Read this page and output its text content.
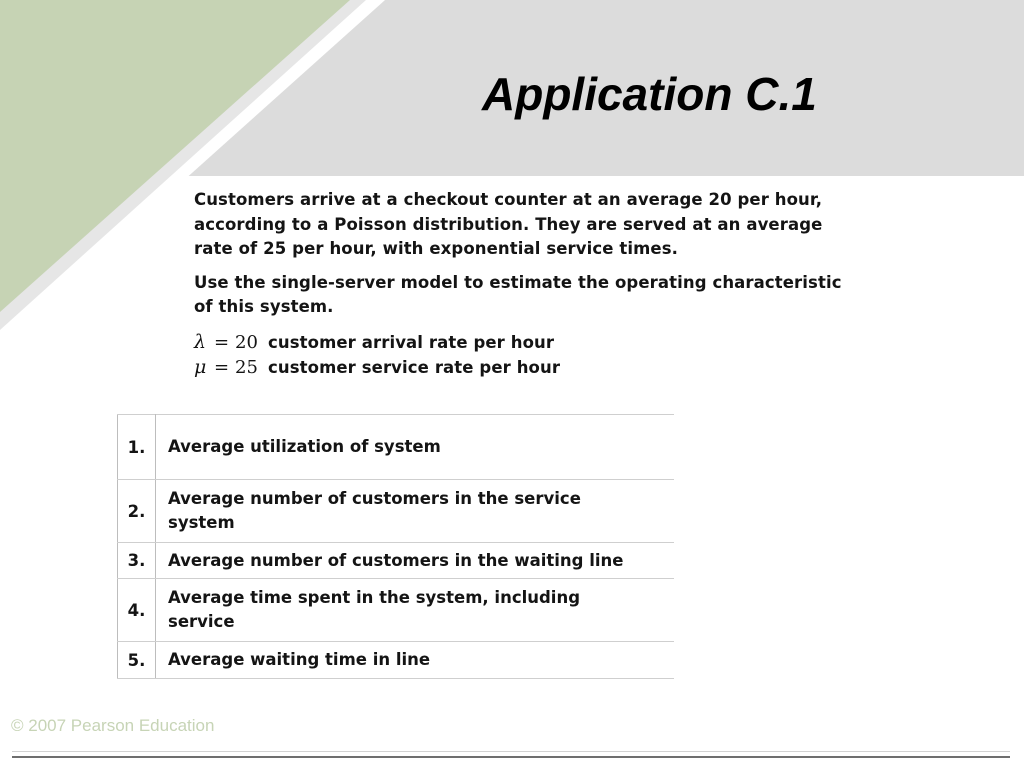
Application C.1

Customers arrive at a checkout counter at an average 20 per hour,
according to a Poisson distribution. They are served at an average
rate of 25 per hour, with exponential service times.

Use the single-server model to estimate the operating characteristic
of this system.

λ = 20 customer arrival rate per hour
μ = 25 customer service rate per hour
1.	Average utilization of system

2.	Average number of customers in the service
system

3.	Average number of customers in the waiting line

4.	Average time spent in the system, including
service

5.	Average waiting time in line
© 2007 Pearson Education
